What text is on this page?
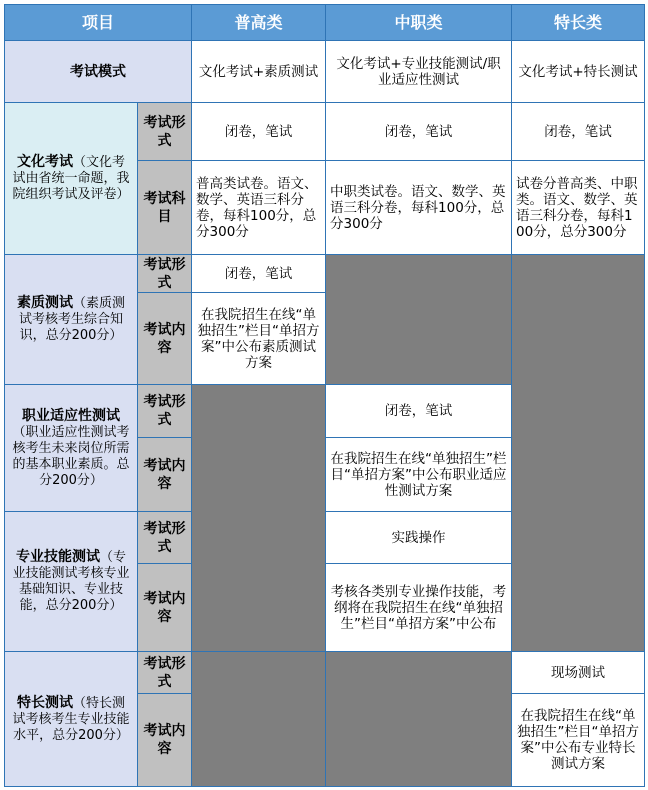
项目		普高类	中职类	特长类
考试模式		文化考试+素质测试	文化考试+专业技能测试/职业适应性测试	文化考试+特长测试
文化考试（文化考试由省统一命题，我院组织考试及评卷）	考试形式	闭卷，笔试	闭卷，笔试	闭卷，笔试
	考试科目	普高类试卷。语文、数学、英语三科分卷，每科100分，总分300分	中职类试卷。语文、数学、英语三科分卷，每科100分，总分300分	试卷分普高类、中职类。语文、数学、英语三科分卷，每科100分，总分300分
素质测试（素质测试考核考生综合知识，总分200分）	考试形式	闭卷，笔试		
	考试内容	在我院招生在线“单独招生”栏目“单招方案”中公布素质测试方案		
职业适应性测试（职业适应性测试考核考生未来岗位所需的基本职业素质。总分200分）	考试形式		闭卷，笔试	
	考试内容		在我院招生在线“单独招生”栏目“单招方案”中公布职业适应性测试方案	
专业技能测试（专业技能测试考核专业基础知识、专业技能，总分200分）	考试形式		实践操作	
	考试内容		考核各类别专业操作技能，考纲将在我院招生在线“单独招生”栏目“单招方案”中公布	
特长测试（特长测试考核考生专业技能水平，总分200分）	考试形式			现场测试
	考试内容			在我院招生在线“单独招生”栏目“单招方案”中公布专业特长测试方案
